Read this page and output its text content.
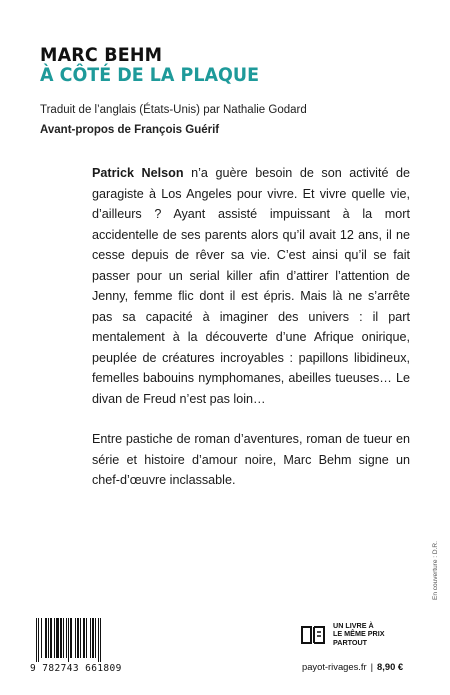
MARC BEHM
À CÔTÉ DE LA PLAQUE
Traduit de l’anglais (États-Unis) par Nathalie Godard
Avant-propos de François Guérif

Patrick Nelson n’a guère besoin de son activité de garagiste à Los Angeles pour vivre. Et vivre quelle vie, d’ailleurs ? Ayant assisté impuissant à la mort accidentelle de ses parents alors qu’il avait 12 ans, il ne cesse depuis de rêver sa vie. C’est ainsi qu’il se fait passer pour un serial killer afin d’attirer l’attention de Jenny, femme flic dont il est épris. Mais là ne s’arrête pas sa capacité à imaginer des univers : il part mentalement à la découverte d’une Afrique onirique, peuplée de créatures incroyables : papillons libidineux, femelles babouins nymphomanes, abeilles tueuses… Le divan de Freud n’est pas loin…

Entre pastiche de roman d’aventures, roman de tueur en série et histoire d’amour noire, Marc Behm signe un chef-d’œuvre inclassable.

En couverture : D.R.
9 782743 661809
UN LIVRE À
LE MÊME PRIX
PARTOUT
payot-rivages.fr | 8,90 €
